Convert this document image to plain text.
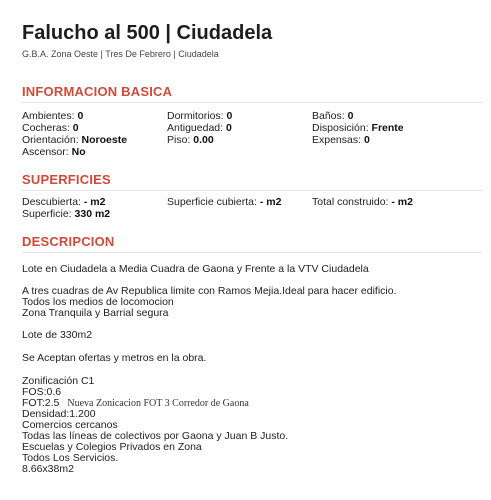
Falucho al 500 | Ciudadela
G.B.A. Zona Oeste | Tres De Febrero | Ciudadela
INFORMACION BASICA
Ambientes: 0	Dormitorios: 0	Baños: 0
Cocheras: 0	Antiguedad: 0	Disposición: Frente
Orientación: Noroeste	Piso: 0.00	Expensas: 0
Ascensor: No
SUPERFICIES
Descubierta: - m2	Superficie cubierta: - m2	Total construido: - m2
Superficie: 330 m2
DESCRIPCION
Lote en Ciudadela a Media Cuadra de Gaona y Frente a la VTV Ciudadela
A tres cuadras de Av Republica limite con Ramos Mejia.Ideal para hacer edificio.
Todos los medios de locomocion
Zona Tranquila y Barrial segura
Lote de 330m2
Se Aceptan ofertas y metros en la obra.
Zonificación C1
FOS:0.6
FOT:2.5 Nueva Zonicacion FOT 3 Corredor de Gaona
Densidad:1.200
Comercios cercanos
Todas las líneas de colectivos por Gaona y Juan B Justo.
Escuelas y Colegios Privados en Zona
Todos Los Servicios.
8.66x38m2
